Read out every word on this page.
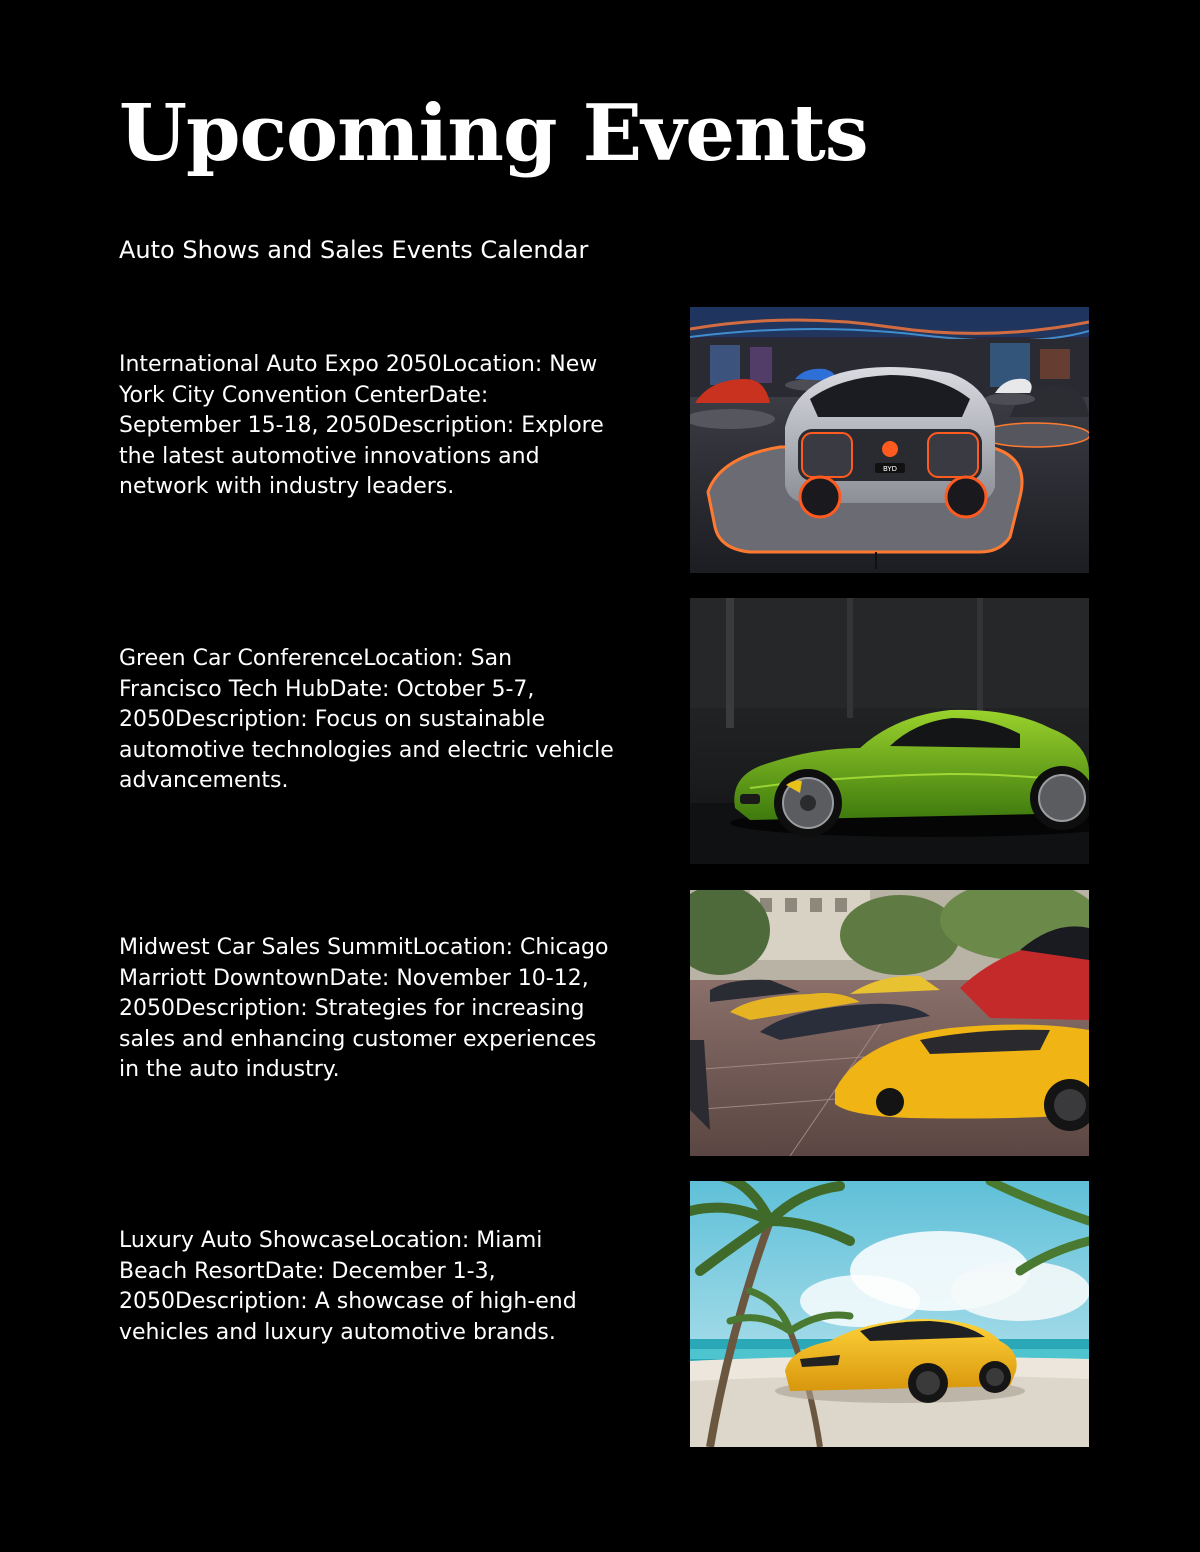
Upcoming Events
Auto Shows and Sales Events Calendar
International Auto Expo 2050Location: New York City Convention CenterDate: September 15-18, 2050Description: Explore the latest automotive innovations and network with industry leaders.
BYD
Green Car ConferenceLocation: San Francisco Tech HubDate: October 5-7, 2050Description: Focus on sustainable automotive technologies and electric vehicle advancements.
Midwest Car Sales SummitLocation: Chicago Marriott DowntownDate: November 10-12, 2050Description: Strategies for increasing sales and enhancing customer experiences in the auto industry.
Luxury Auto ShowcaseLocation: Miami Beach ResortDate: December 1-3, 2050Description: A showcase of high-end vehicles and luxury automotive brands.
